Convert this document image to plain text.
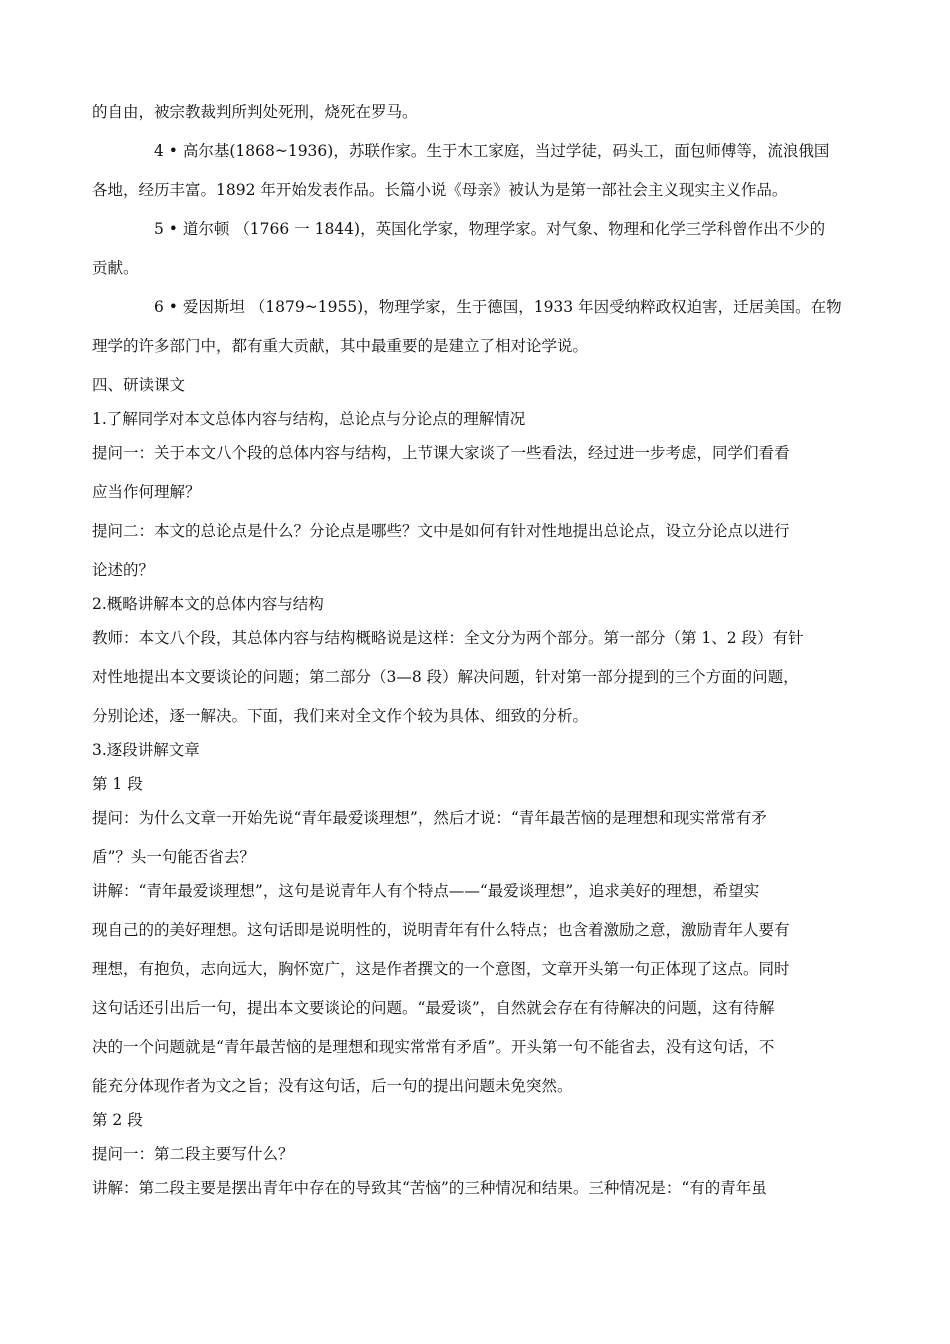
的自由，被宗教裁判所判处死刑，烧死在罗马。
4 • 高尔基(1868~1936)，苏联作家。生于木工家庭，当过学徒，码头工，面包师傅等，流浪俄国
各地，经历丰富。1892 年开始发表作品。长篇小说《母亲》被认为是第一部社会主义现实主义作品。
5 • 道尔顿 （1766 一 1844)，英国化学家，物理学家。对气象、物理和化学三学科曾作出不少的
贡献。
6 • 爱因斯坦 （1879~1955)，物理学家，生于德国，1933 年因受纳粹政权迫害，迁居美国。在物
理学的许多部门中，都有重大贡献，其中最重要的是建立了相对论学说。
四、研读课文
1.了解同学对本文总体内容与结构，总论点与分论点的理解情况
提问一：关于本文八个段的总体内容与结构，上节课大家谈了一些看法，经过进一步考虑，同学们看看
应当作何理解？
提问二：本文的总论点是什么？分论点是哪些？文中是如何有针对性地提出总论点，设立分论点以进行
论述的？
2.概略讲解本文的总体内容与结构
教师：本文八个段，其总体内容与结构概略说是这样：全文分为两个部分。第一部分（第 1、2 段）有针
对性地提出本文要谈论的问题；第二部分（3—8 段）解决问题，针对第一部分提到的三个方面的问题，
分别论述，逐一解决。下面，我们来对全文作个较为具体、细致的分析。
3.逐段讲解文章
第 1 段
提问：为什么文章一开始先说“青年最爱谈理想”，然后才说：“青年最苦恼的是理想和现实常常有矛
盾”？头一句能否省去？
讲解：“青年最爱谈理想”，这句是说青年人有个特点——“最爱谈理想”，追求美好的理想，希望实
现自己的的美好理想。这句话即是说明性的，说明青年有什么特点；也含着激励之意，激励青年人要有
理想，有抱负，志向远大，胸怀宽广，这是作者撰文的一个意图，文章开头第一句正体现了这点。同时
这句话还引出后一句，提出本文要谈论的问题。“最爱谈”，自然就会存在有待解决的问题，这有待解
决的一个问题就是“青年最苦恼的是理想和现实常常有矛盾”。开头第一句不能省去，没有这句话，不
能充分体现作者为文之旨；没有这句话，后一句的提出问题未免突然。
第 2 段
提问一：第二段主要写什么？
讲解：第二段主要是摆出青年中存在的导致其“苦恼”的三种情况和结果。三种情况是：“有的青年虽
